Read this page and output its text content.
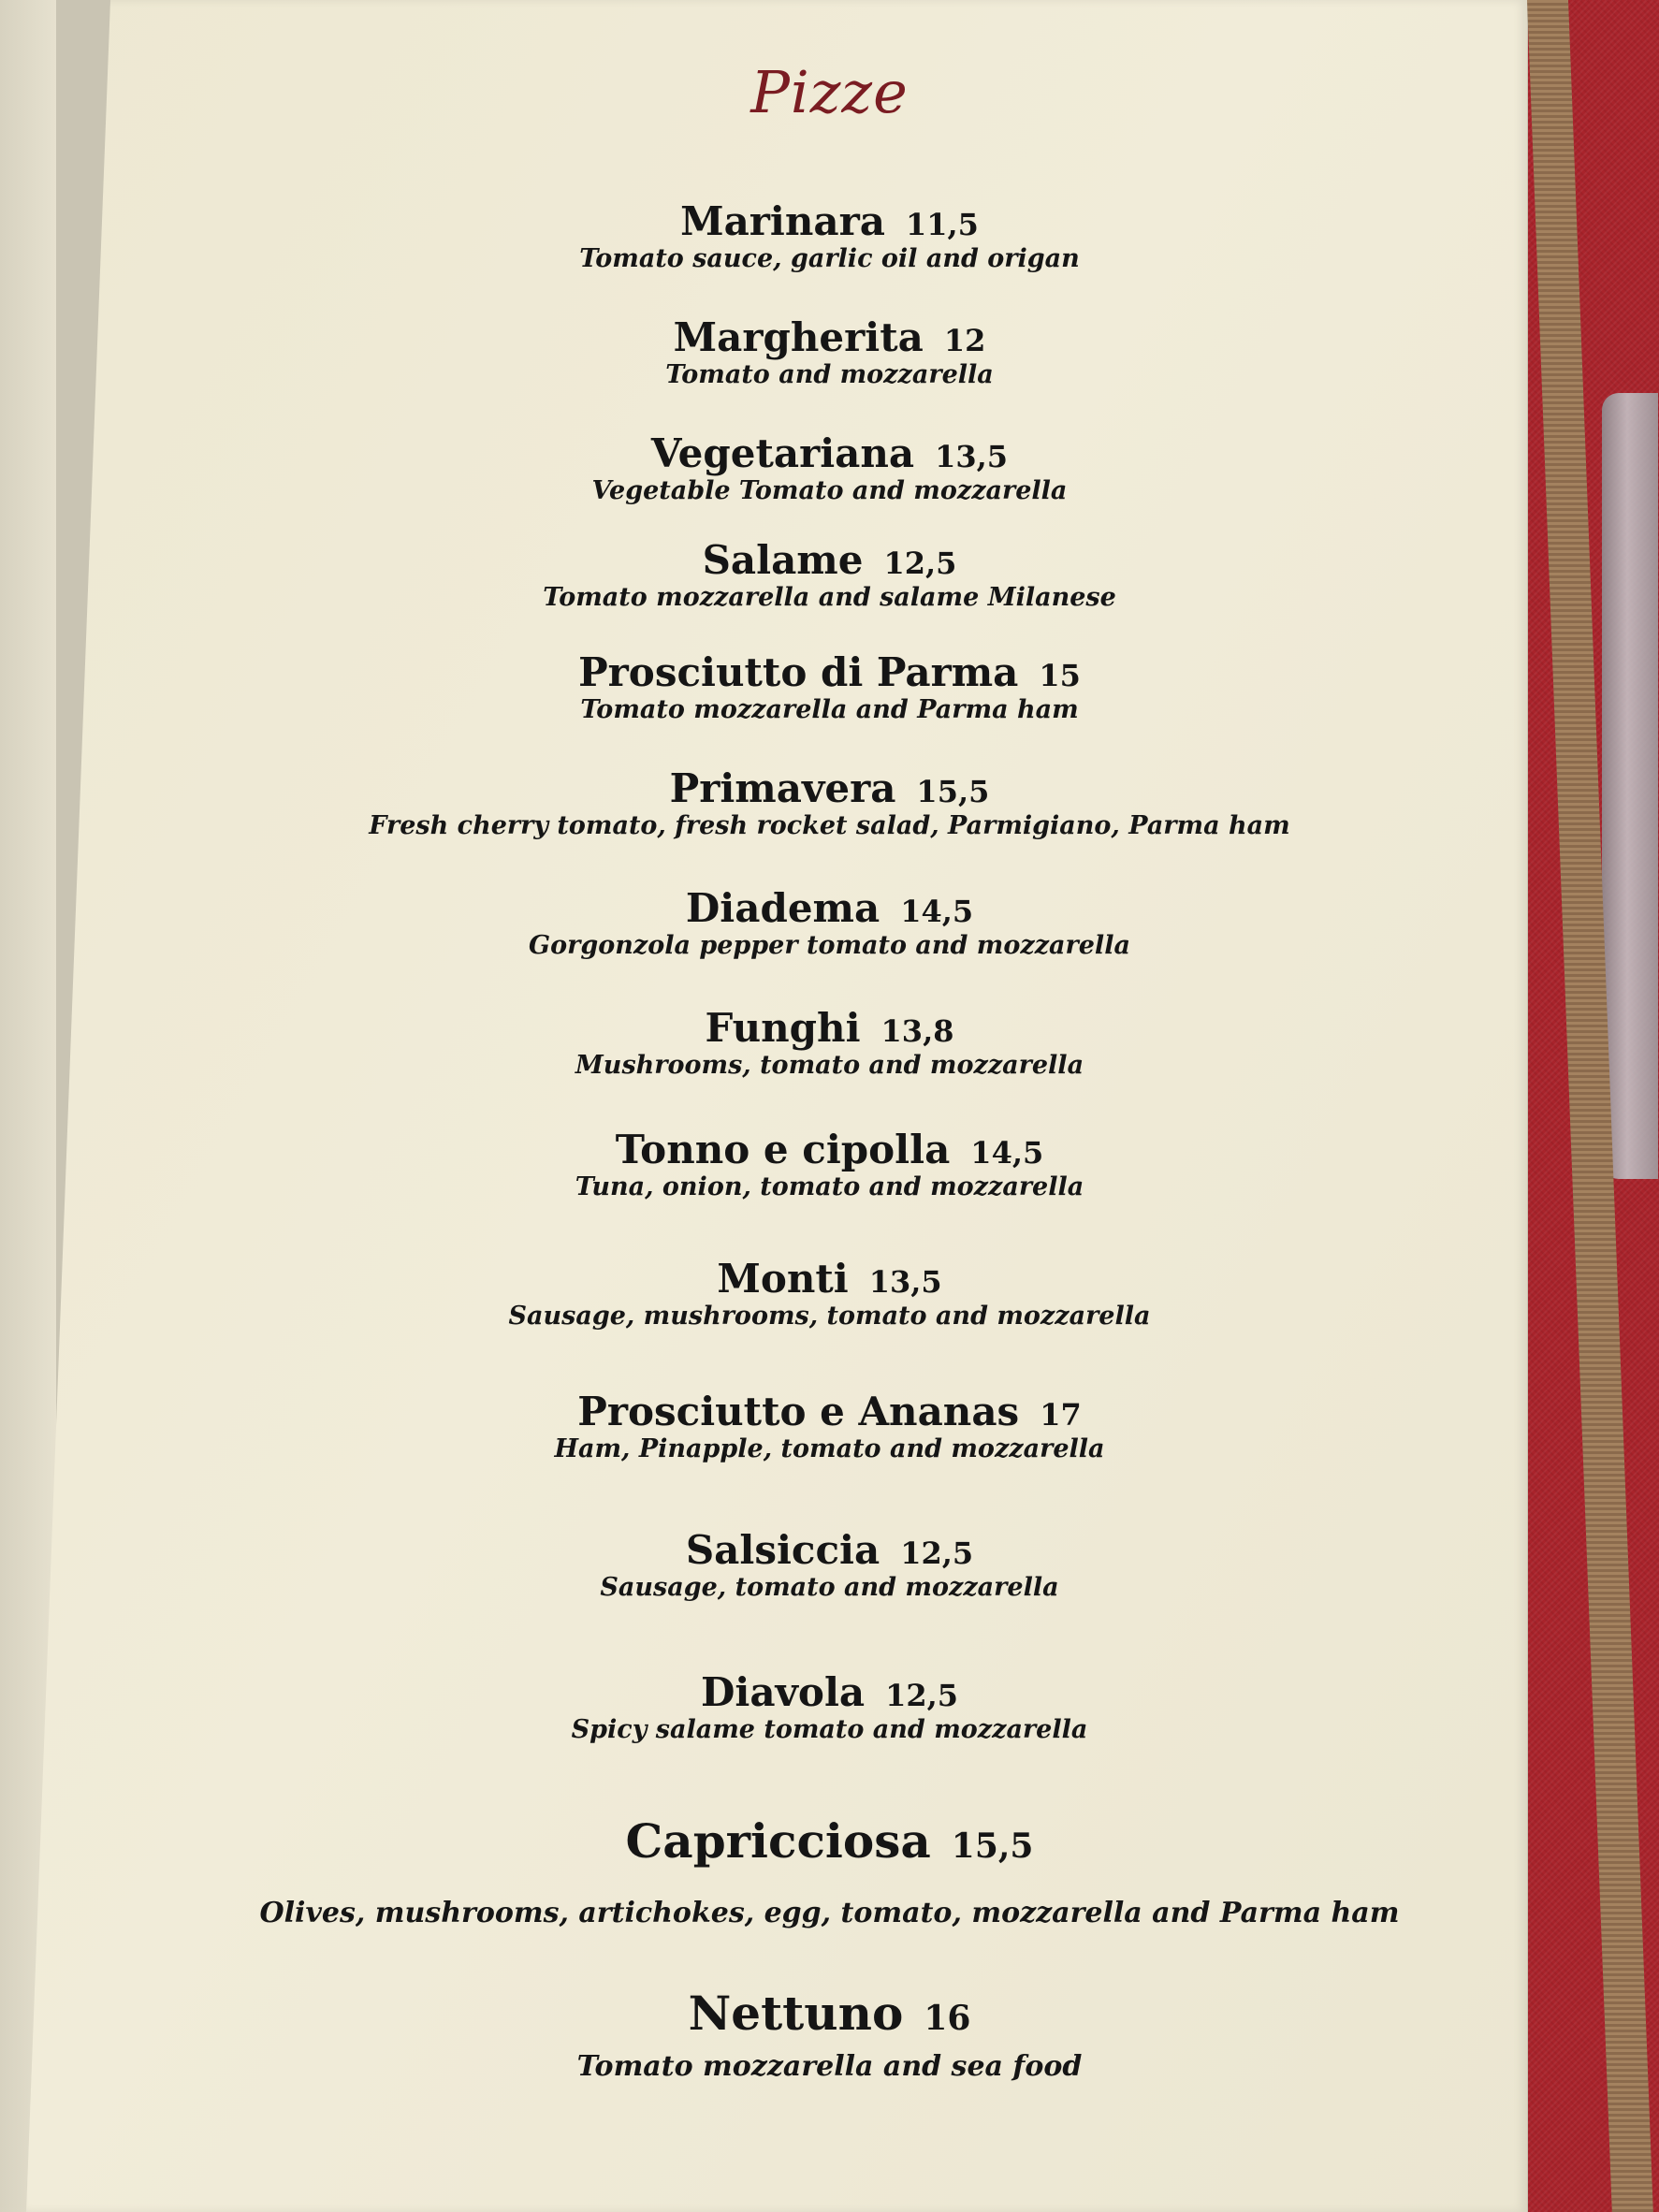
Pizze
Marinara 11,5
Tomato sauce, garlic oil and origan
Margherita 12
Tomato and mozzarella
Vegetariana 13,5
Vegetable Tomato and mozzarella
Salame 12,5
Tomato mozzarella and salame Milanese
Prosciutto di Parma 15
Tomato mozzarella and Parma ham
Primavera 15,5
Fresh cherry tomato, fresh rocket salad, Parmigiano, Parma ham
Diadema 14,5
Gorgonzola pepper tomato and mozzarella
Funghi 13,8
Mushrooms, tomato and mozzarella
Tonno e cipolla 14,5
Tuna, onion, tomato and mozzarella
Monti 13,5
Sausage, mushrooms, tomato and mozzarella
Prosciutto e Ananas 17
Ham, Pinapple, tomato and mozzarella
Salsiccia 12,5
Sausage, tomato and mozzarella
Diavola 12,5
Spicy salame tomato and mozzarella
Capricciosa 15,5
Olives, mushrooms, artichokes, egg, tomato, mozzarella and Parma ham
Nettuno 16
Tomato mozzarella and sea food
